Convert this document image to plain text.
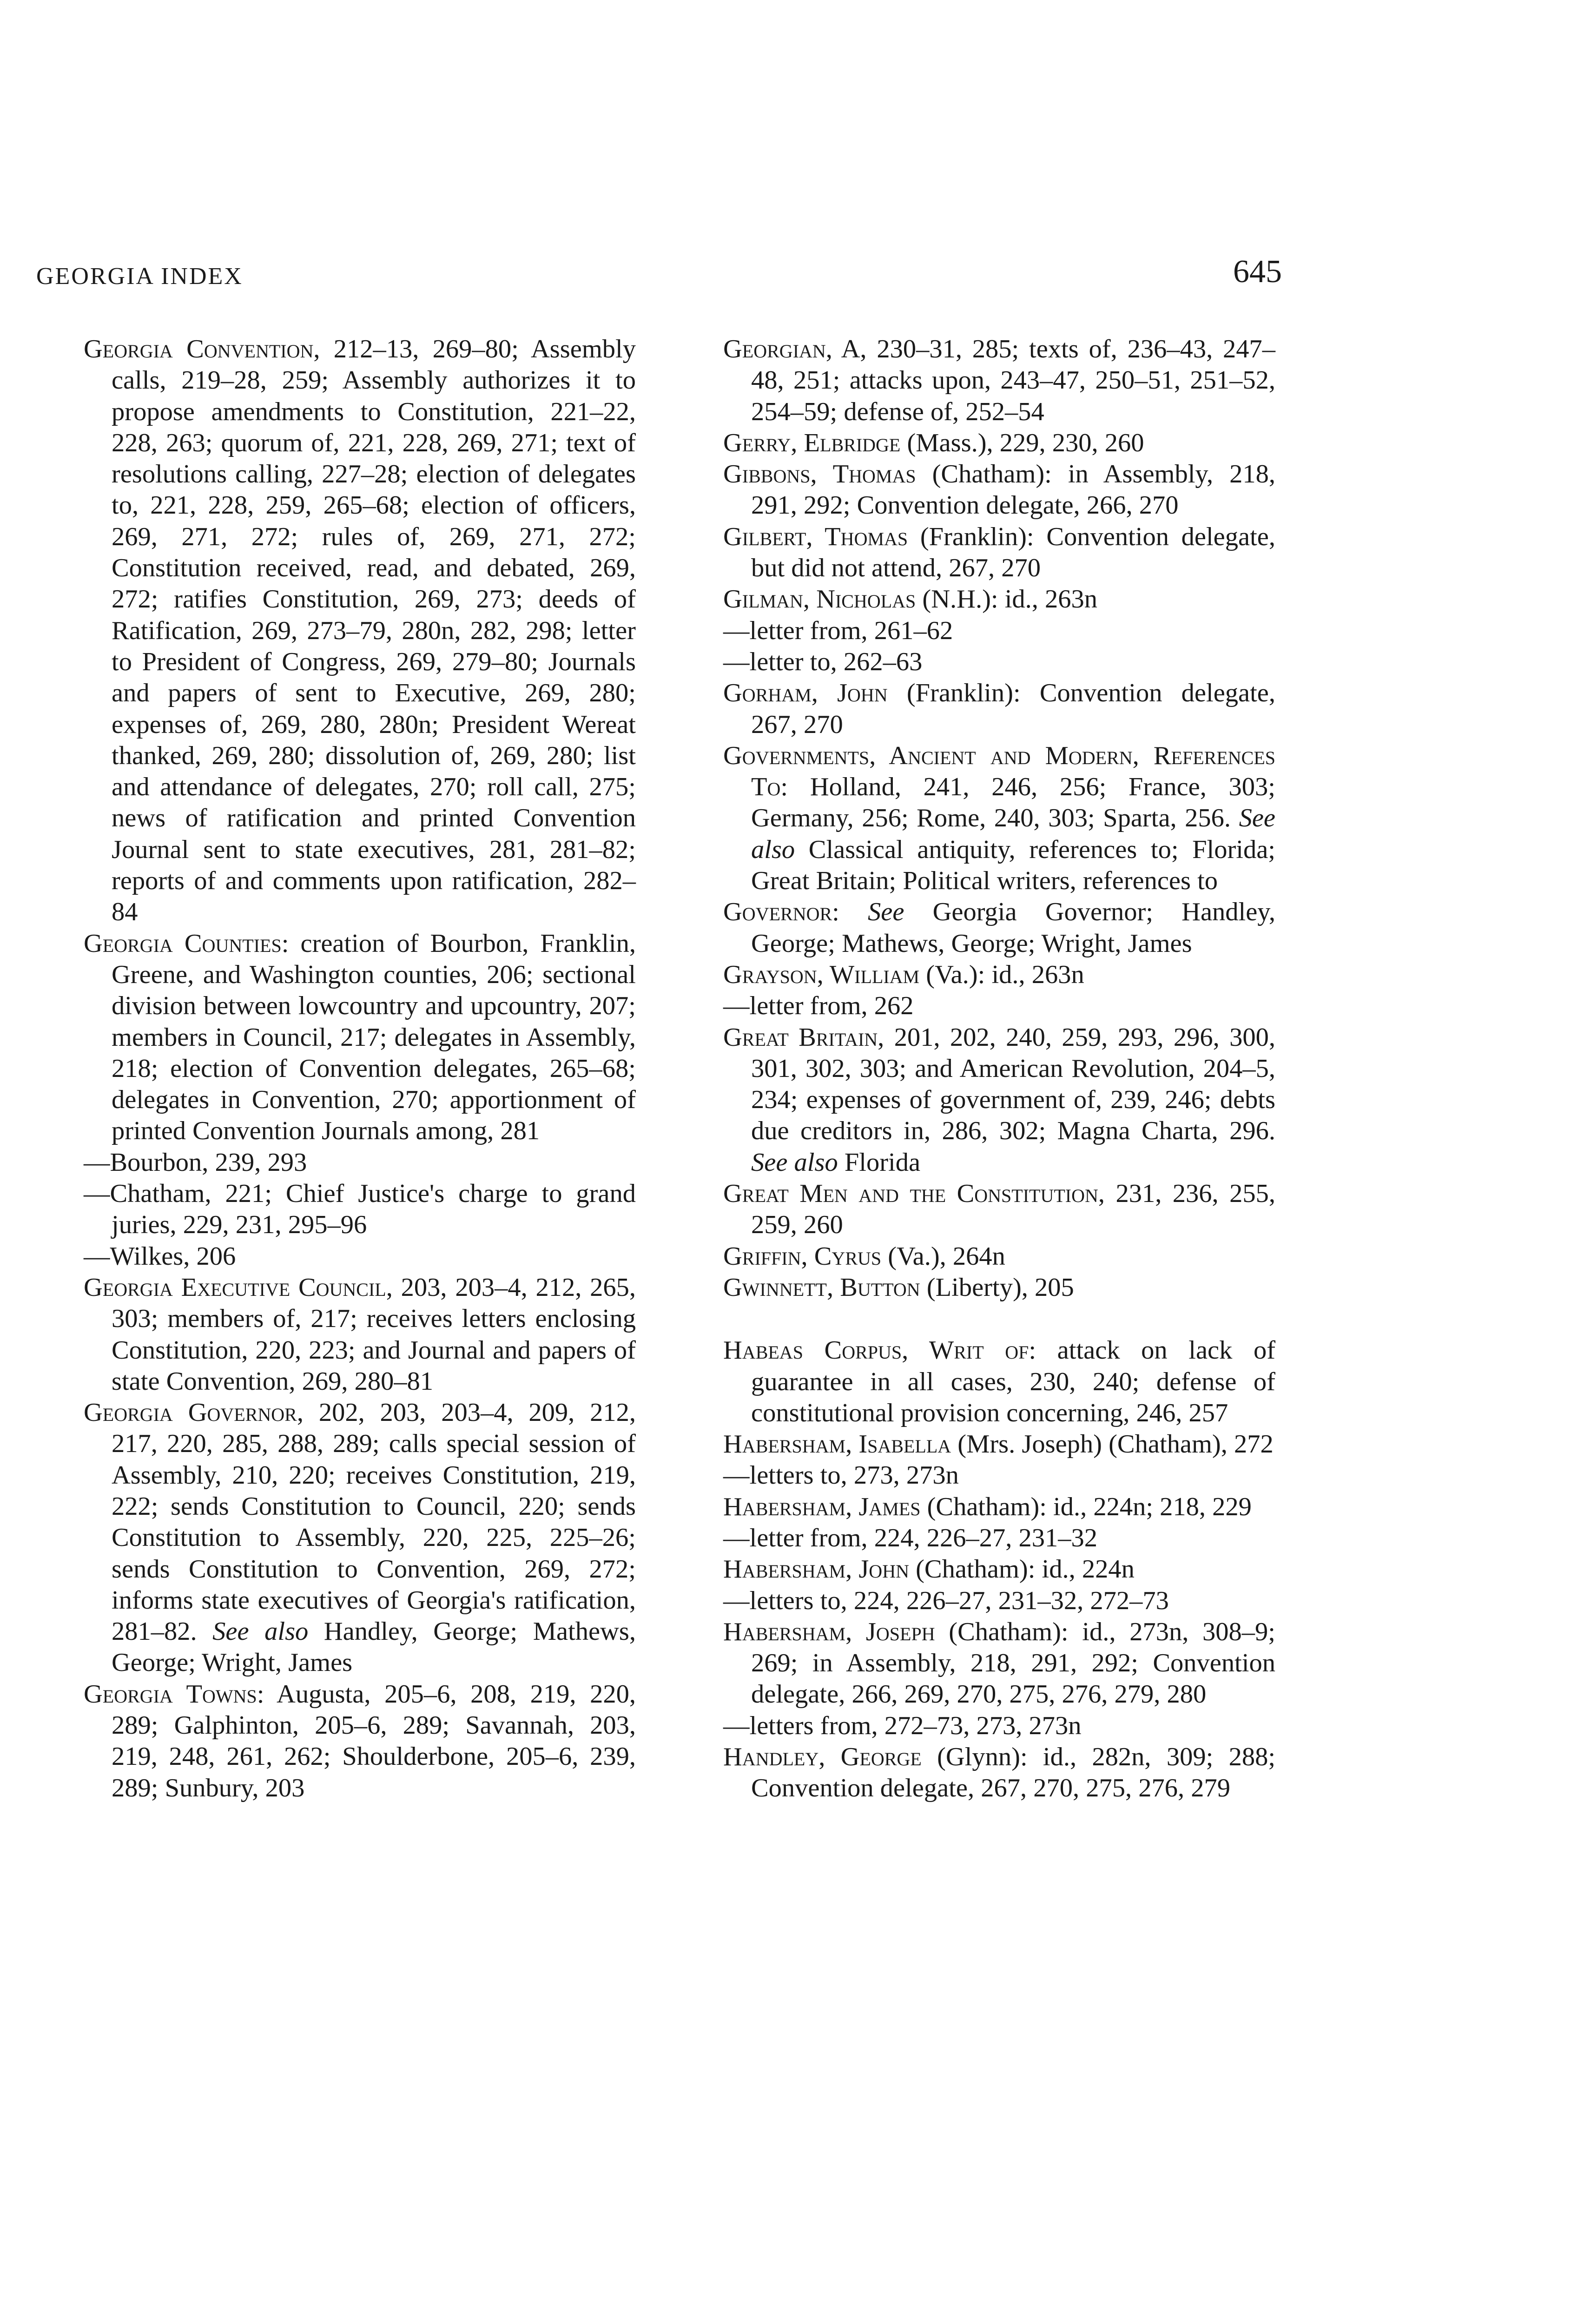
GEORGIA INDEX	645

Georgia Convention, 212–13, 269–80; Assembly calls, 219–28, 259; Assembly authorizes it to propose amendments to Constitution, 221–22, 228, 263; quorum of, 221, 228, 269, 271; text of resolutions calling, 227–28; election of delegates to, 221, 228, 259, 265–68; election of officers, 269, 271, 272; rules of, 269, 271, 272; Constitution received, read, and debated, 269, 272; ratifies Constitution, 269, 273; deeds of Ratification, 269, 273–79, 280n, 282, 298; letter to President of Congress, 269, 279–80; Journals and papers of sent to Executive, 269, 280; expenses of, 269, 280, 280n; President Wereat thanked, 269, 280; dissolution of, 269, 280; list and attendance of delegates, 270; roll call, 275; news of ratification and printed Convention Journal sent to state executives, 281, 281–82; reports of and comments upon ratification, 282–84

Georgia Counties: creation of Bourbon, Franklin, Greene, and Washington counties, 206; sectional division between lowcountry and upcountry, 207; members in Council, 217; delegates in Assembly, 218; election of Convention delegates, 265–68; delegates in Convention, 270; apportionment of printed Convention Journals among, 281

—Bourbon, 239, 293

—Chatham, 221; Chief Justice's charge to grand juries, 229, 231, 295–96

—Wilkes, 206

Georgia Executive Council, 203, 203–4, 212, 265, 303; members of, 217; receives letters enclosing Constitution, 220, 223; and Journal and papers of state Convention, 269, 280–81

Georgia Governor, 202, 203, 203–4, 209, 212, 217, 220, 285, 288, 289; calls special session of Assembly, 210, 220; receives Constitution, 219, 222; sends Constitution to Council, 220; sends Constitution to Assembly, 220, 225, 225–26; sends Constitution to Convention, 269, 272; informs state executives of Georgia's ratification, 281–82. See also Handley, George; Mathews, George; Wright, James

Georgia Towns: Augusta, 205–6, 208, 219, 220, 289; Galphinton, 205–6, 289; Savannah, 203, 219, 248, 261, 262; Shoulderbone, 205–6, 239, 289; Sunbury, 203

Georgian, A, 230–31, 285; texts of, 236–43, 247–48, 251; attacks upon, 243–47, 250–51, 251–52, 254–59; defense of, 252–54

Gerry, Elbridge (Mass.), 229, 230, 260

Gibbons, Thomas (Chatham): in Assembly, 218, 291, 292; Convention delegate, 266, 270

Gilbert, Thomas (Franklin): Convention delegate, but did not attend, 267, 270

Gilman, Nicholas (N.H.): id., 263n

—letter from, 261–62

—letter to, 262–63

Gorham, John (Franklin): Convention delegate, 267, 270

Governments, Ancient and Modern, References To: Holland, 241, 246, 256; France, 303; Germany, 256; Rome, 240, 303; Sparta, 256. See also Classical antiquity, references to; Florida; Great Britain; Political writers, references to

Governor: See Georgia Governor; Handley, George; Mathews, George; Wright, James

Grayson, William (Va.): id., 263n

—letter from, 262

Great Britain, 201, 202, 240, 259, 293, 296, 300, 301, 302, 303; and American Revolution, 204–5, 234; expenses of government of, 239, 246; debts due creditors in, 286, 302; Magna Charta, 296. See also Florida

Great Men and the Constitution, 231, 236, 255, 259, 260

Griffin, Cyrus (Va.), 264n

Gwinnett, Button (Liberty), 205

Habeas Corpus, Writ of: attack on lack of guarantee in all cases, 230, 240; defense of constitutional provision concerning, 246, 257

Habersham, Isabella (Mrs. Joseph) (Chatham), 272

—letters to, 273, 273n

Habersham, James (Chatham): id., 224n; 218, 229

—letter from, 224, 226–27, 231–32

Habersham, John (Chatham): id., 224n

—letters to, 224, 226–27, 231–32, 272–73

Habersham, Joseph (Chatham): id., 273n, 308–9; 269; in Assembly, 218, 291, 292; Convention delegate, 266, 269, 270, 275, 276, 279, 280

—letters from, 272–73, 273, 273n

Handley, George (Glynn): id., 282n, 309; 288; Convention delegate, 267, 270, 275, 276, 279
